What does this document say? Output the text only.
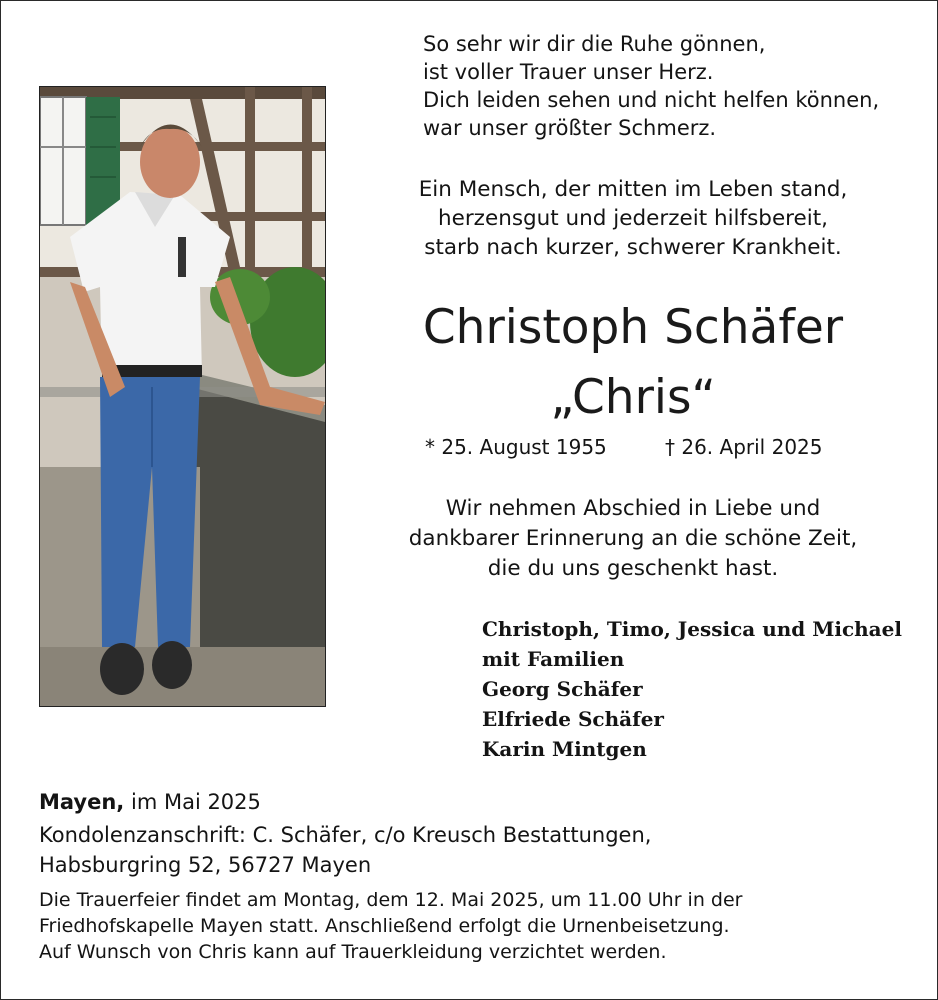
So sehr wir dir die Ruhe gönnen,
ist voller Trauer unser Herz.
Dich leiden sehen und nicht helfen können,
war unser größter Schmerz.
Ein Mensch, der mitten im Leben stand,
herzensgut und jederzeit hilfsbereit,
starb nach kurzer, schwerer Krankheit.
Christoph Schäfer
„Chris“
* 25. August 1955	† 26. April 2025
Wir nehmen Abschied in Liebe und
dankbarer Erinnerung an die schöne Zeit,
die du uns geschenkt hast.
Christoph, Timo, Jessica und Michael
mit Familien
Georg Schäfer
Elfriede Schäfer
Karin Mintgen
Mayen, im Mai 2025
Kondolenzanschrift: C. Schäfer, c/o Kreusch Bestattungen,
Habsburgring 52, 56727 Mayen
Die Trauerfeier findet am Montag, dem 12. Mai 2025, um 11.00 Uhr in der
Friedhofskapelle Mayen statt. Anschließend erfolgt die Urnenbeisetzung.
Auf Wunsch von Chris kann auf Trauerkleidung verzichtet werden.
